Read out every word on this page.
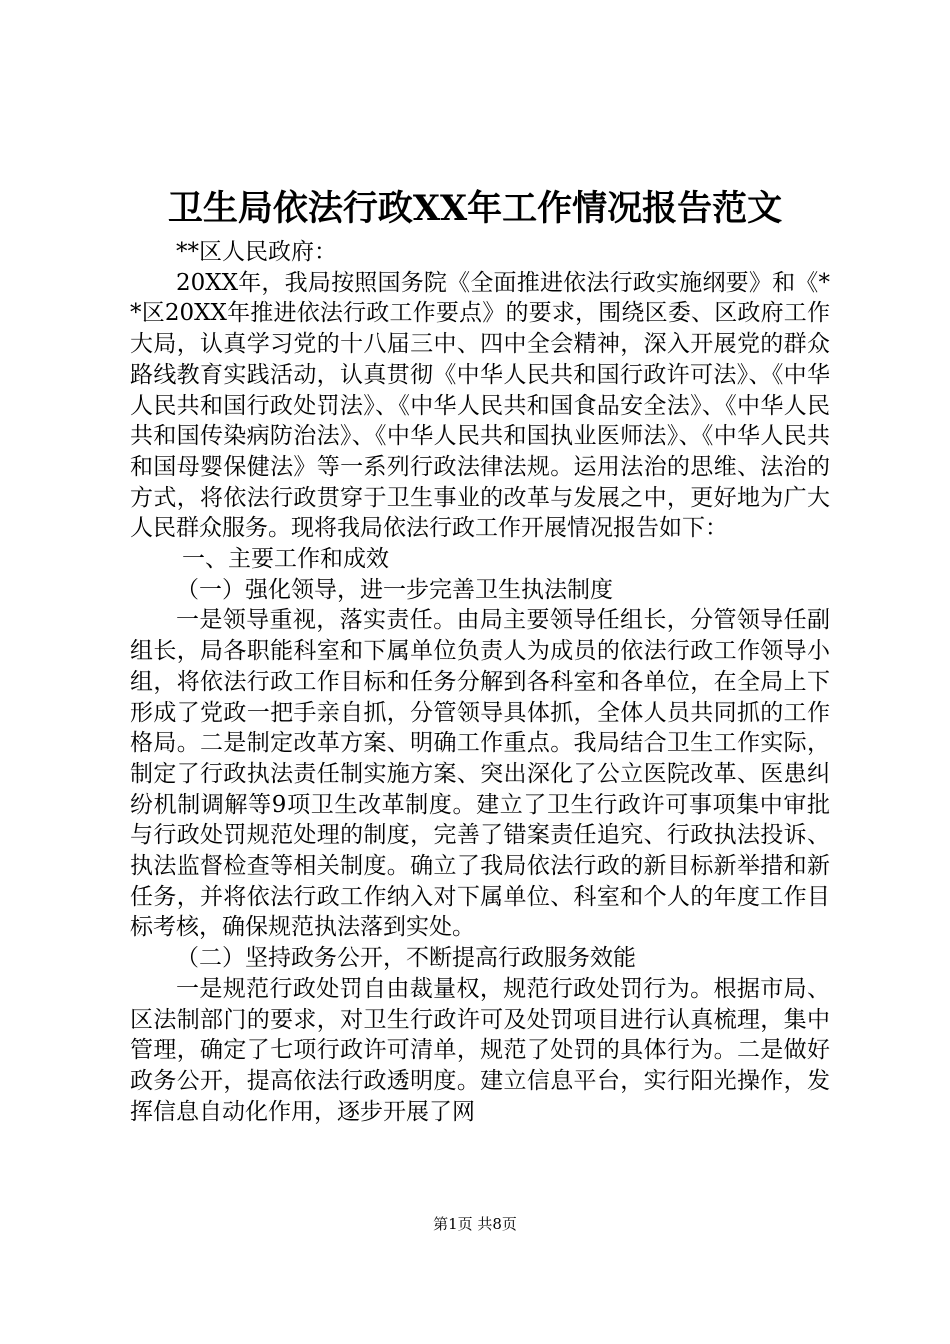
卫生局依法行政XX年工作情况报告范文

**区人民政府：

20XX年，我局按照国务院《全面推进依法行政实施纲要》和《**区20XX年推进依法行政工作要点》的要求，围绕区委、区政府工作大局，认真学习党的十八届三中、四中全会精神，深入开展党的群众路线教育实践活动，认真贯彻《中华人民共和国行政许可法》、《中华人民共和国行政处罚法》、《中华人民共和国食品安全法》、《中华人民共和国传染病防治法》、《中华人民共和国执业医师法》、《中华人民共和国母婴保健法》等一系列行政法律法规。运用法治的思维、法治的方式，将依法行政贯穿于卫生事业的改革与发展之中，更好地为广大人民群众服务。现将我局依法行政工作开展情况报告如下：

一、主要工作和成效

（一）强化领导，进一步完善卫生执法制度

一是领导重视，落实责任。由局主要领导任组长，分管领导任副组长，局各职能科室和下属单位负责人为成员的依法行政工作领导小组，将依法行政工作目标和任务分解到各科室和各单位，在全局上下形成了党政一把手亲自抓，分管领导具体抓，全体人员共同抓的工作格局。二是制定改革方案、明确工作重点。我局结合卫生工作实际，制定了行政执法责任制实施方案、突出深化了公立医院改革、医患纠纷机制调解等9项卫生改革制度。建立了卫生行政许可事项集中审批与行政处罚规范处理的制度，完善了错案责任追究、行政执法投诉、执法监督检查等相关制度。确立了我局依法行政的新目标新举措和新任务，并将依法行政工作纳入对下属单位、科室和个人的年度工作目标考核，确保规范执法落到实处。

（二）坚持政务公开，不断提高行政服务效能

一是规范行政处罚自由裁量权，规范行政处罚行为。根据市局、区法制部门的要求，对卫生行政许可及处罚项目进行认真梳理，集中管理，确定了七项行政许可清单，规范了处罚的具体行为。二是做好政务公开，提高依法行政透明度。建立信息平台，实行阳光操作，发挥信息自动化作用，逐步开展了网

第1页 共8页
